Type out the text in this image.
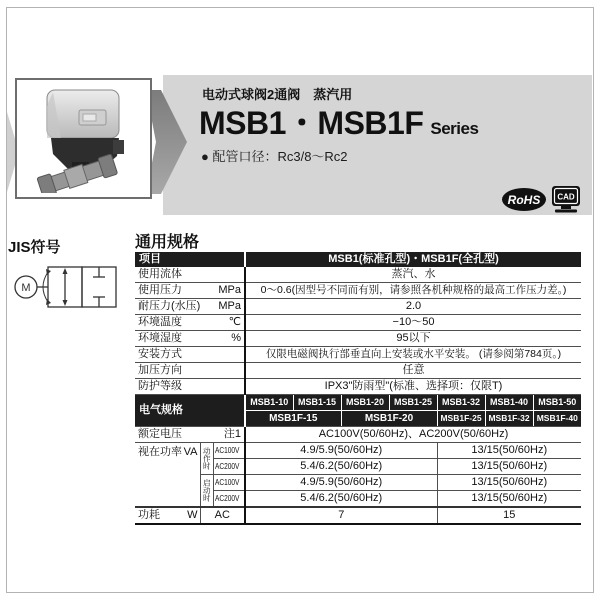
电动式球阀2通阀　蒸汽用
MSB1・MSB1F Series
● 配管口径：Rc3/8～Rc2
RoHS CAD
JIS符号
M
通用规格
项目			MSB1(标准孔型)・MSB1F(全孔型)						
使用流体			蒸汽、水						
使用压力 MPa			0～0.6(因型号不同而有别，请参照各机种规格的最高工作压力差。)						
耐压力(水压) MPa			2.0						
环境温度 ℃			−10～50						
环境湿度 %			95以下						
安装方式			仅限电磁阀执行部垂直向上安装或水平安装。 (请参阅第784页。)						
加压方向			任意						
防护等级			IPX3"防雨型"(标准、选择项：仅限T)						
电气规格			MSB1-10	MSB1-15	MSB1-20	MSB1-25	MSB1-32	MSB1-40	MSB1-50
			MSB1F-15		MSB1F-20		MSB1F-25	MSB1F-32	MSB1F-40
额定电压 注1			AC100V(50/60Hz)、AC200V(50/60Hz)						
视在功率 VA	动作时	AC100V	4.9/5.9(50/60Hz)				13/15(50/60Hz)		
		AC200V	5.4/6.2(50/60Hz)				13/15(50/60Hz)		

	启动时	AC100V	4.9/5.9(50/60Hz)				13/15(50/60Hz)		
		AC200V	5.4/6.2(50/60Hz)				13/15(50/60Hz)		
功耗 W	AC		7				15		
